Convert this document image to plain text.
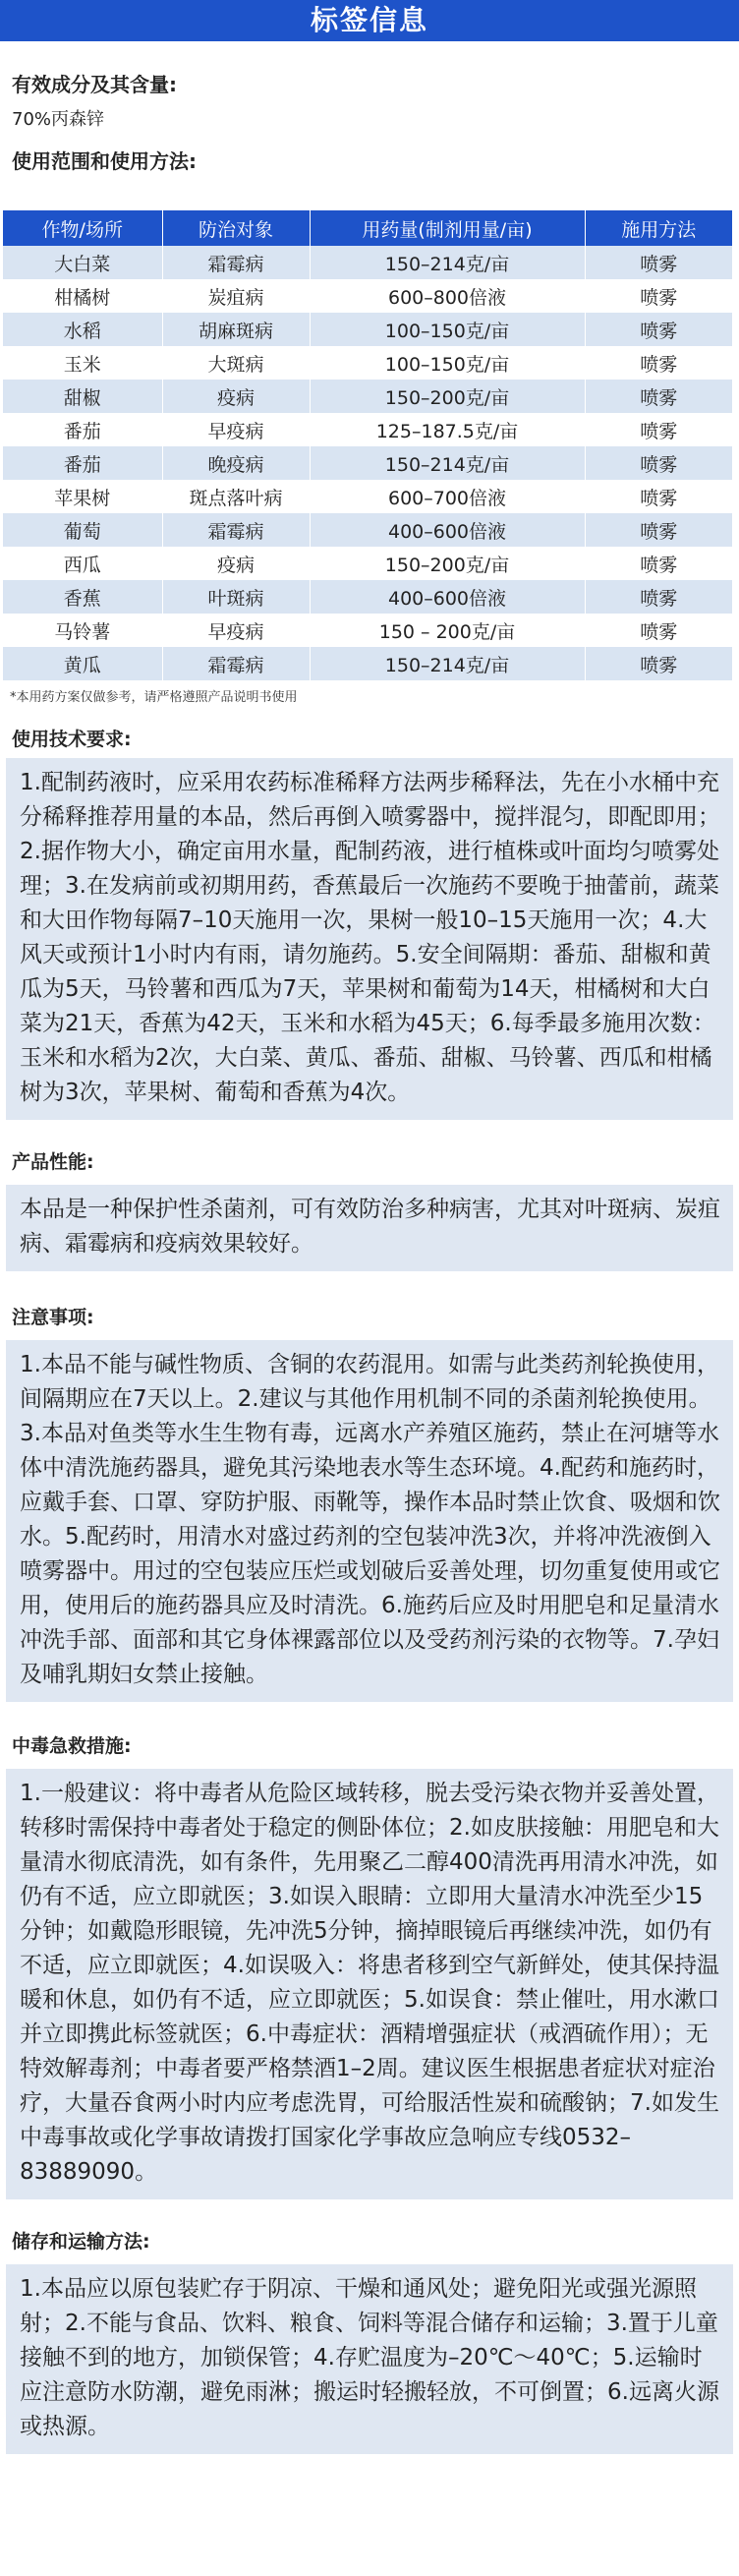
标签信息
有效成分及其含量:
70%丙森锌
使用范围和使用方法:
作物/场所	防治对象	用药量(制剂用量/亩)	施用方法
大白菜	霜霉病	150–214克/亩	喷雾
柑橘树	炭疽病	600–800倍液	喷雾
水稻	胡麻斑病	100–150克/亩	喷雾
玉米	大斑病	100–150克/亩	喷雾
甜椒	疫病	150–200克/亩	喷雾
番茄	早疫病	125–187.5克/亩	喷雾
番茄	晚疫病	150–214克/亩	喷雾
苹果树	斑点落叶病	600–700倍液	喷雾
葡萄	霜霉病	400–600倍液	喷雾
西瓜	疫病	150–200克/亩	喷雾
香蕉	叶斑病	400–600倍液	喷雾
马铃薯	早疫病	150 – 200克/亩	喷雾
黄瓜	霜霉病	150–214克/亩	喷雾
*本用药方案仅做参考，请严格遵照产品说明书使用
使用技术要求:
1.配制药液时，应采用农药标准稀释方法两步稀释法，先在小水桶中充分稀释推荐用量的本品，然后再倒入喷雾器中，搅拌混匀，即配即用；2.据作物大小，确定亩用水量，配制药液，进行植株或叶面均匀喷雾处理；3.在发病前或初期用药，香蕉最后一次施药不要晚于抽蕾前，蔬菜和大田作物每隔7–10天施用一次，果树一般10–15天施用一次；4.大风天或预计1小时内有雨，请勿施药。5.安全间隔期：番茄、甜椒和黄瓜为5天，马铃薯和西瓜为7天，苹果树和葡萄为14天，柑橘树和大白菜为21天，香蕉为42天，玉米和水稻为45天；6.每季最多施用次数：玉米和水稻为2次，大白菜、黄瓜、番茄、甜椒、马铃薯、西瓜和柑橘树为3次，苹果树、葡萄和香蕉为4次。
产品性能:
本品是一种保护性杀菌剂，可有效防治多种病害，尤其对叶斑病、炭疽病、霜霉病和疫病效果较好。
注意事项:
1.本品不能与碱性物质、含铜的农药混用。如需与此类药剂轮换使用，间隔期应在7天以上。2.建议与其他作用机制不同的杀菌剂轮换使用。3.本品对鱼类等水生生物有毒，远离水产养殖区施药，禁止在河塘等水体中清洗施药器具，避免其污染地表水等生态环境。4.配药和施药时，应戴手套、口罩、穿防护服、雨靴等，操作本品时禁止饮食、吸烟和饮水。5.配药时，用清水对盛过药剂的空包装冲洗3次，并将冲洗液倒入喷雾器中。用过的空包装应压烂或划破后妥善处理，切勿重复使用或它用，使用后的施药器具应及时清洗。6.施药后应及时用肥皂和足量清水冲洗手部、面部和其它身体裸露部位以及受药剂污染的衣物等。7.孕妇及哺乳期妇女禁止接触。
中毒急救措施:
1.一般建议：将中毒者从危险区域转移，脱去受污染衣物并妥善处置，转移时需保持中毒者处于稳定的侧卧体位；2.如皮肤接触：用肥皂和大量清水彻底清洗，如有条件，先用聚乙二醇400清洗再用清水冲洗，如仍有不适，应立即就医；3.如误入眼睛：立即用大量清水冲洗至少15分钟；如戴隐形眼镜，先冲洗5分钟，摘掉眼镜后再继续冲洗，如仍有不适，应立即就医；4.如误吸入：将患者移到空气新鲜处，使其保持温暖和休息，如仍有不适，应立即就医；5.如误食：禁止催吐，用水漱口并立即携此标签就医；6.中毒症状：酒精增强症状（戒酒硫作用）；无特效解毒剂；中毒者要严格禁酒1–2周。建议医生根据患者症状对症治疗，大量吞食两小时内应考虑洗胃，可给服活性炭和硫酸钠；7.如发生中毒事故或化学事故请拨打国家化学事故应急响应专线0532–83889090。
储存和运输方法:
1.本品应以原包装贮存于阴凉、干燥和通风处；避免阳光或强光源照射；2.不能与食品、饮料、粮食、饲料等混合储存和运输；3.置于儿童接触不到的地方，加锁保管；4.存贮温度为–20℃～40℃；5.运输时应注意防水防潮，避免雨淋；搬运时轻搬轻放，不可倒置；6.远离火源或热源。
